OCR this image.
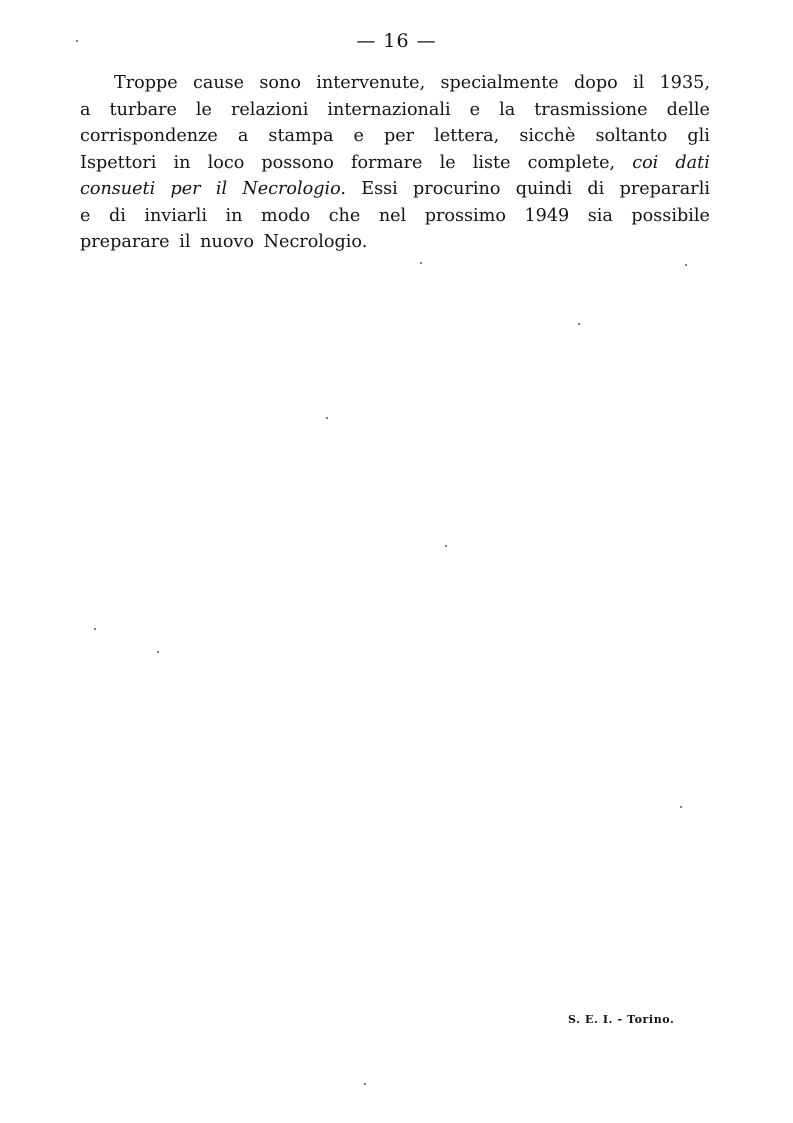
— 16 —
Troppe cause sono intervenute, specialmente dopo il 1935,
a turbare le relazioni internazionali e la trasmissione delle
corrispondenze a stampa e per lettera, sicchè soltanto gli
Ispettori in loco possono formare le liste complete, coi dati
consueti per il Necrologio. Essi procurino quindi di prepararli
e di inviarli in modo che nel prossimo 1949 sia possibile
preparare il nuovo Necrologio.
S. E. I. - Torino.
